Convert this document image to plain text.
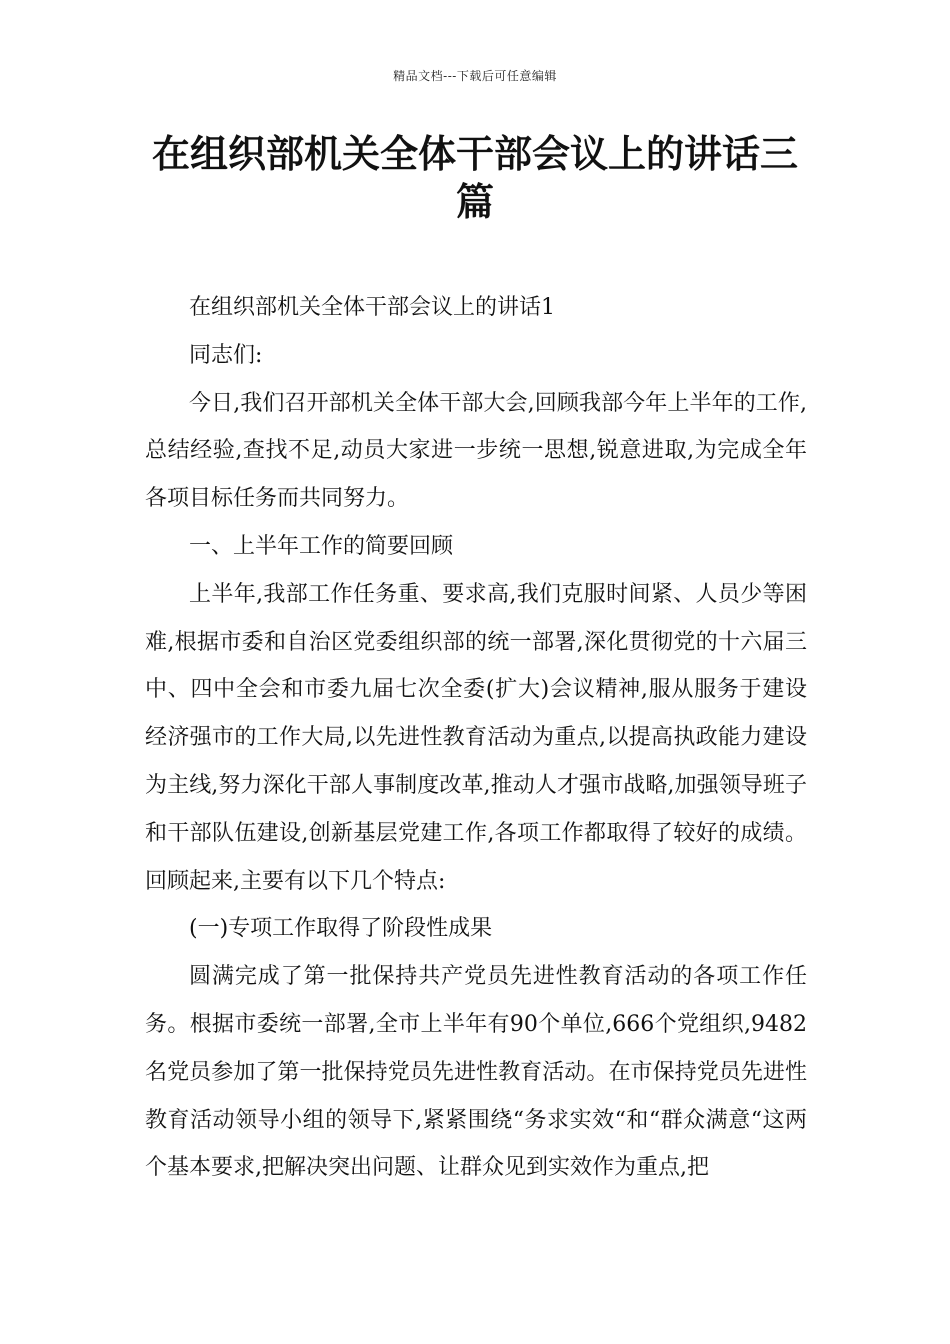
精品文档---下载后可任意编辑
在组织部机关全体干部会议上的讲话三篇

在组织部机关全体干部会议上的讲话1

同志们:

今日,我们召开部机关全体干部大会,回顾我部今年上半年的工作,总结经验,查找不足,动员大家进一步统一思想,锐意进取,为完成全年各项目标任务而共同努力。

一、上半年工作的简要回顾

上半年,我部工作任务重、要求高,我们克服时间紧、人员少等困难,根据市委和自治区党委组织部的统一部署,深化贯彻党的十六届三中、四中全会和市委九届七次全委(扩大)会议精神,服从服务于建设经济强市的工作大局,以先进性教育活动为重点,以提高执政能力建设为主线,努力深化干部人事制度改革,推动人才强市战略,加强领导班子和干部队伍建设,创新基层党建工作,各项工作都取得了较好的成绩。回顾起来,主要有以下几个特点:

(一)专项工作取得了阶段性成果

圆满完成了第一批保持共产党员先进性教育活动的各项工作任务。根据市委统一部署,全市上半年有90个单位,666个党组织,9482名党员参加了第一批保持党员先进性教育活动。在市保持党员先进性教育活动领导小组的领导下,紧紧围绕“务求实效“和“群众满意“这两个基本要求,把解决突出问题、让群众见到实效作为重点,把
